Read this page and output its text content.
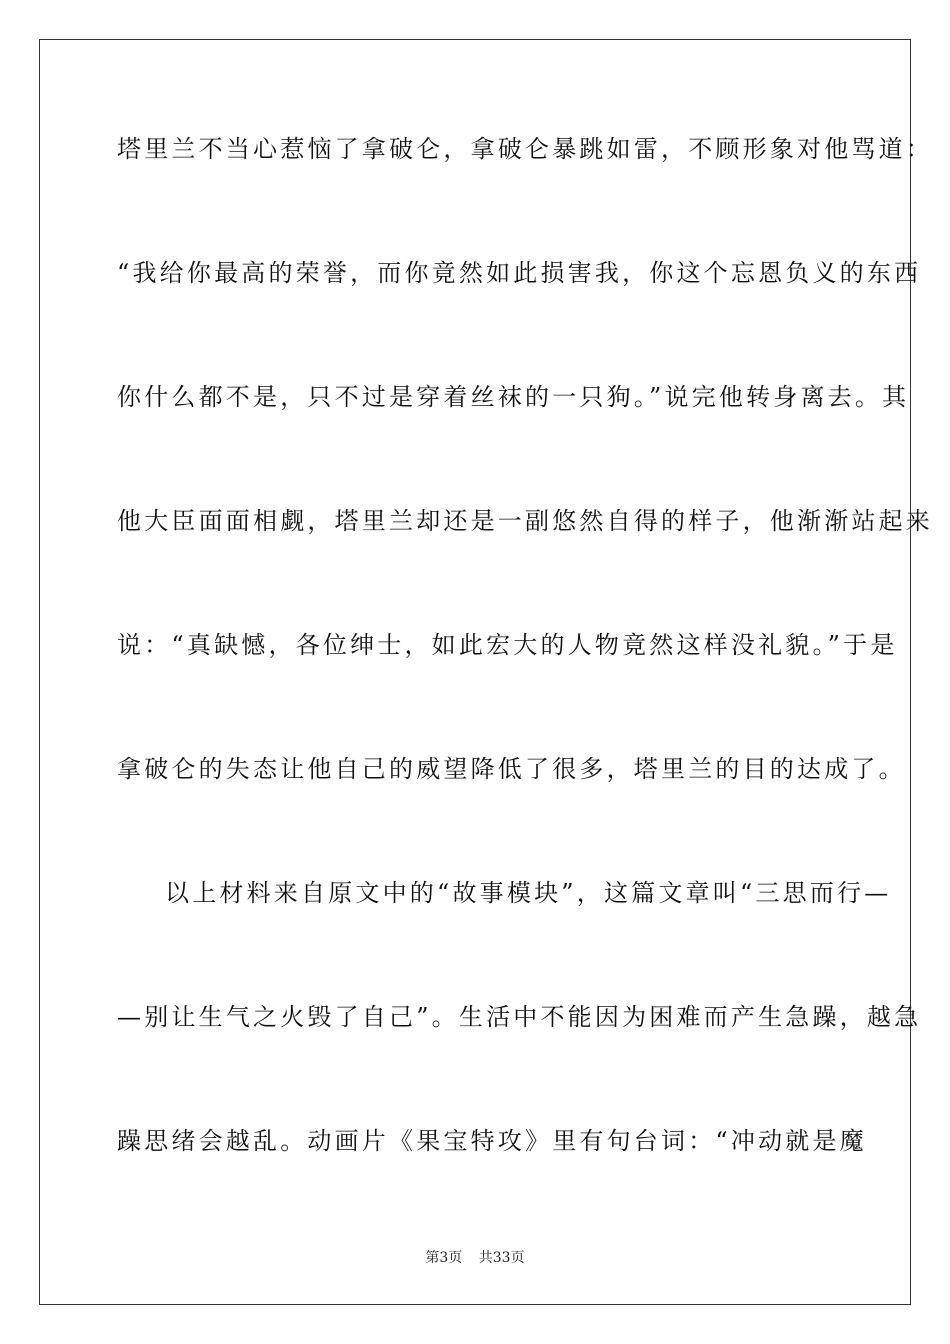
塔里兰不当心惹恼了拿破仑，拿破仑暴跳如雷，不顾形象对他骂道：
“我给你最高的荣誉，而你竟然如此损害我，你这个忘恩负义的东西
你什么都不是，只不过是穿着丝袜的一只狗。”说完他转身离去。其
他大臣面面相觑，塔里兰却还是一副悠然自得的样子，他渐渐站起来
说：“真缺憾，各位绅士，如此宏大的人物竟然这样没礼貌。”于是
拿破仑的失态让他自己的威望降低了很多，塔里兰的目的达成了。
以上材料来自原文中的“故事模块”，这篇文章叫“三思而行—
—别让生气之火毁了自己”。生活中不能因为困难而产生急躁，越急
躁思绪会越乱。动画片《果宝特攻》里有句台词：“冲动就是魔
第3页 共33页
